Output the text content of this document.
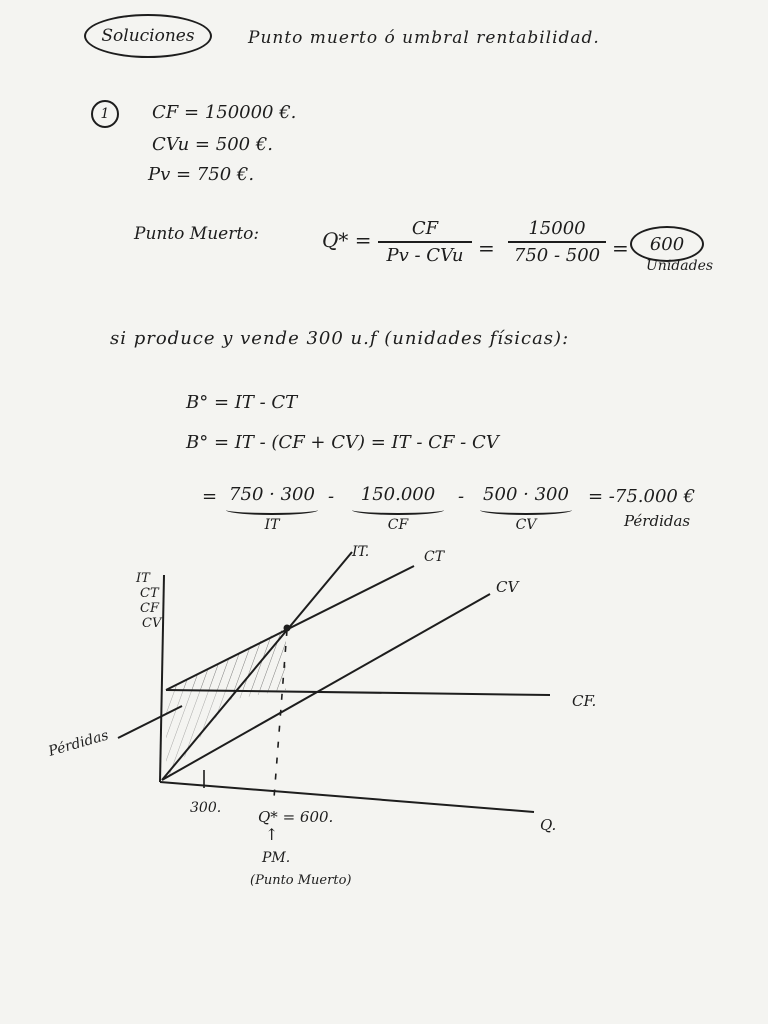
Soluciones	Punto muerto ó umbral rentabilidad.
1 CF = 150000 €.
CVu = 500 €.
Pv = 750 €.
Punto Muerto:	Q* =	CF
Pv - CVu =
15000
750 - 500 = 600
Unidades
si produce y vende 300 u.f (unidades físicas):
B° = IT - CT
B° = IT - (CF + CV) = IT - CF - CV
= 750 · 300
IT
-	150.000
CF
-	500 · 300
CV
= -75.000 €
Pérdidas
IT
CT
CF
CV
IT.	CT
CV
CF.
Q.
300. Q* = 600.
↑
PM.
(Punto Muerto)
Pérdidas
